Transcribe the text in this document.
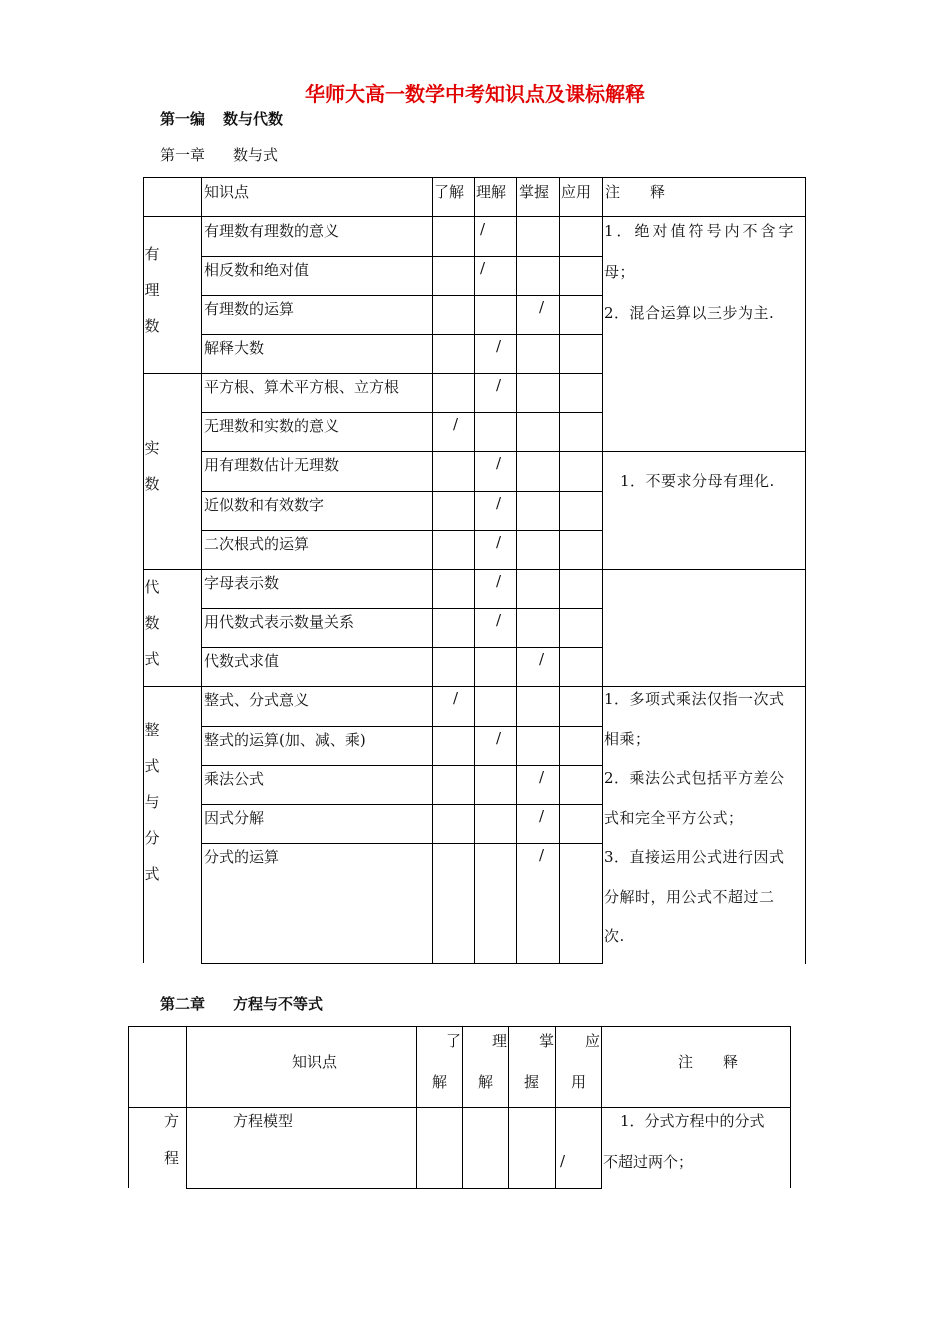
华师大高一数学中考知识点及课标解释
第一编 数与代数
第一章 数与式
知识点	了解 理解 掌握 应用 注　　释
有
理
数
实
数
代
数
式
整
式
与
分
式
有理数有理数的意义
相反数和绝对值
有理数的运算
解释大数
平方根、算术平方根、立方根
无理数和实数的意义
用有理数估计无理数
近似数和有效数字
二次根式的运算
字母表示数
用代数式表示数量关系
代数式求值
整式、分式意义
整式的运算(加、减、乘)
乘法公式
因式分解
分式的运算
/
/
/
/
/
/
/
/
/
/
/
/
/
/
/
/
/
1．绝对值符号内不含字
母；
2．混合运算以三步为主.
1．不要求分母有理化.
1．多项式乘法仅指一次式
相乘；
2．乘法公式包括平方差公
式和完全平方公式；
3．直接运用公式进行因式
分解时，用公式不超过二
次.
第二章 方程与不等式
知识点
了
解
理
解
掌
握
应
用
注　　释
方
程
方程模型
/
1．分式方程中的分式
不超过两个；
